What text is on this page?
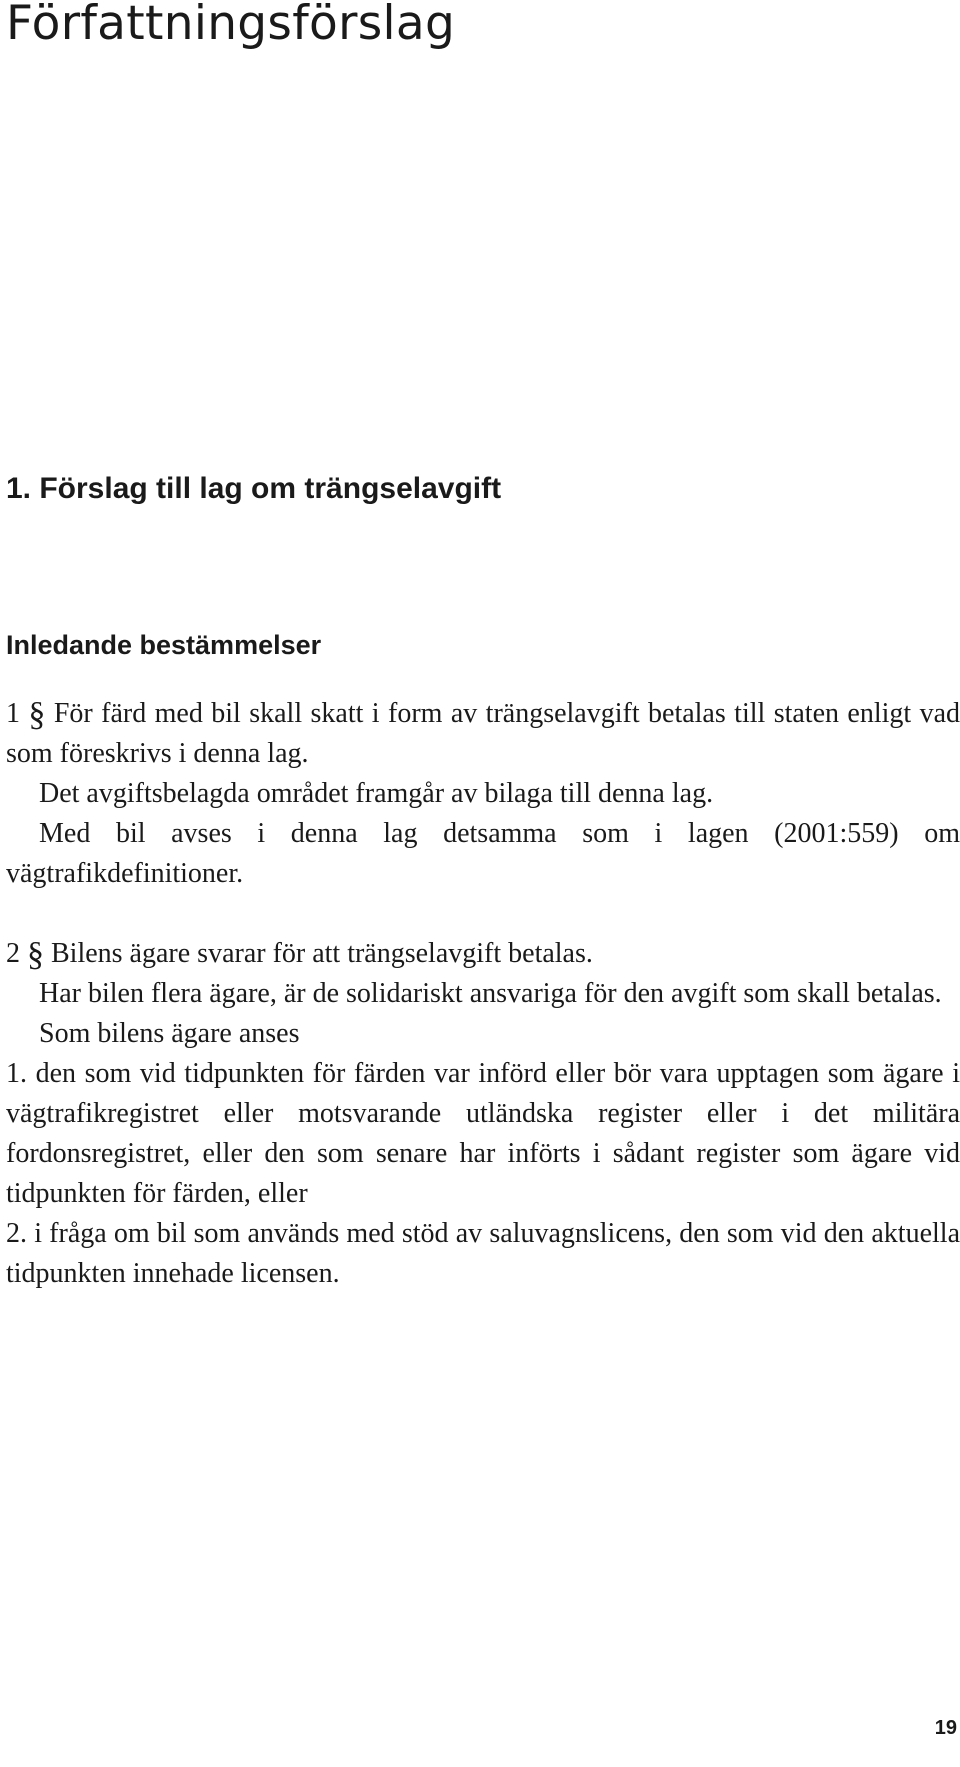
Författningsförslag
1. Förslag till lag om trängselavgift
Inledande bestämmelser

1 § För färd med bil skall skatt i form av trängselavgift betalas till staten enligt vad som föreskrivs i denna lag.

Det avgiftsbelagda området framgår av bilaga till denna lag.

Med bil avses i denna lag detsamma som i lagen (2001:559) om vägtrafikdefinitioner.

2 § Bilens ägare svarar för att trängselavgift betalas.

Har bilen flera ägare, är de solidariskt ansvariga för den avgift som skall betalas.

Som bilens ägare anses

1. den som vid tidpunkten för färden var införd eller bör vara upptagen som ägare i vägtrafikregistret eller motsvarande utländska register eller i det militära fordonsregistret, eller den som senare har införts i sådant register som ägare vid tidpunkten för färden, eller

2. i fråga om bil som används med stöd av saluvagnslicens, den som vid den aktuella tidpunkten innehade licensen.

19
